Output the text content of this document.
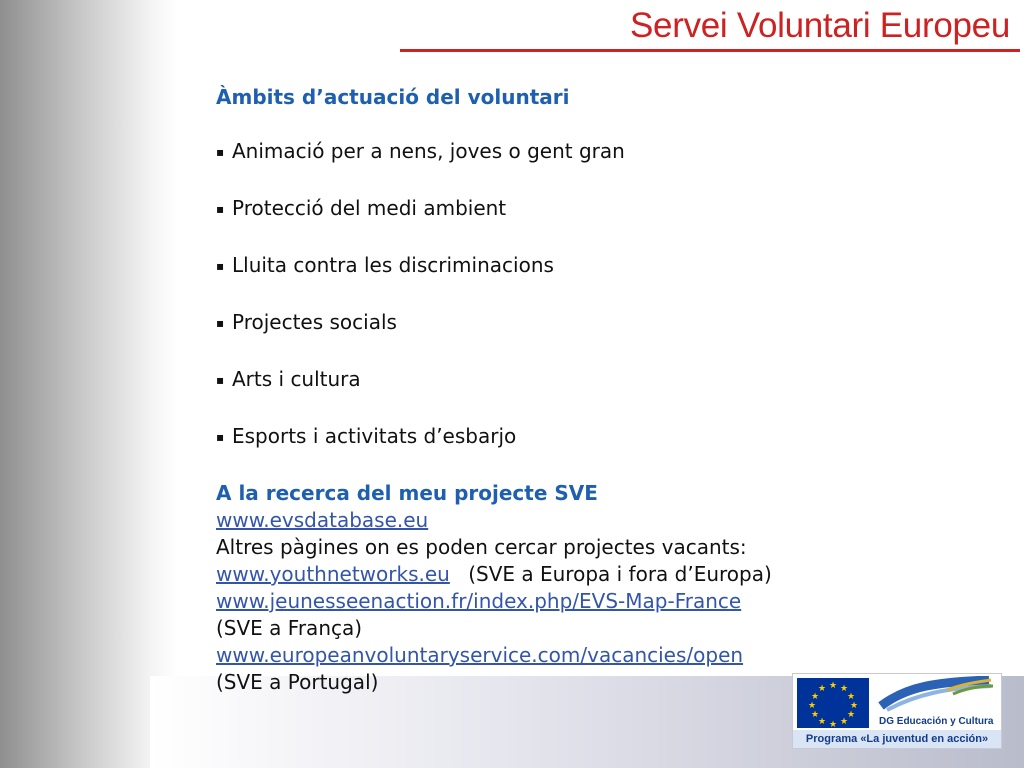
Servei Voluntari Europeu
Àmbits d’actuació del voluntari
▪ Animació per a nens, joves o gent gran
▪ Protecció del medi ambient
▪ Lluita contra les discriminacions
▪ Projectes socials
▪ Arts i cultura
▪ Esports i activitats d’esbarjo
A la recerca del meu projecte SVE
www.evsdatabase.eu
Altres pàgines on es poden cercar projectes vacants:
www.youthnetworks.eu (SVE a Europa i fora d’Europa)
www.jeunesseenaction.fr/index.php/EVS-Map-France
(SVE a França)
www.europeanvoluntaryservice.com/vacancies/open
(SVE a Portugal)	★ ★
★
★
★
★
★
★
★
★
★
★
DG Educación y Cultura
Programa «La juventud en acción»
